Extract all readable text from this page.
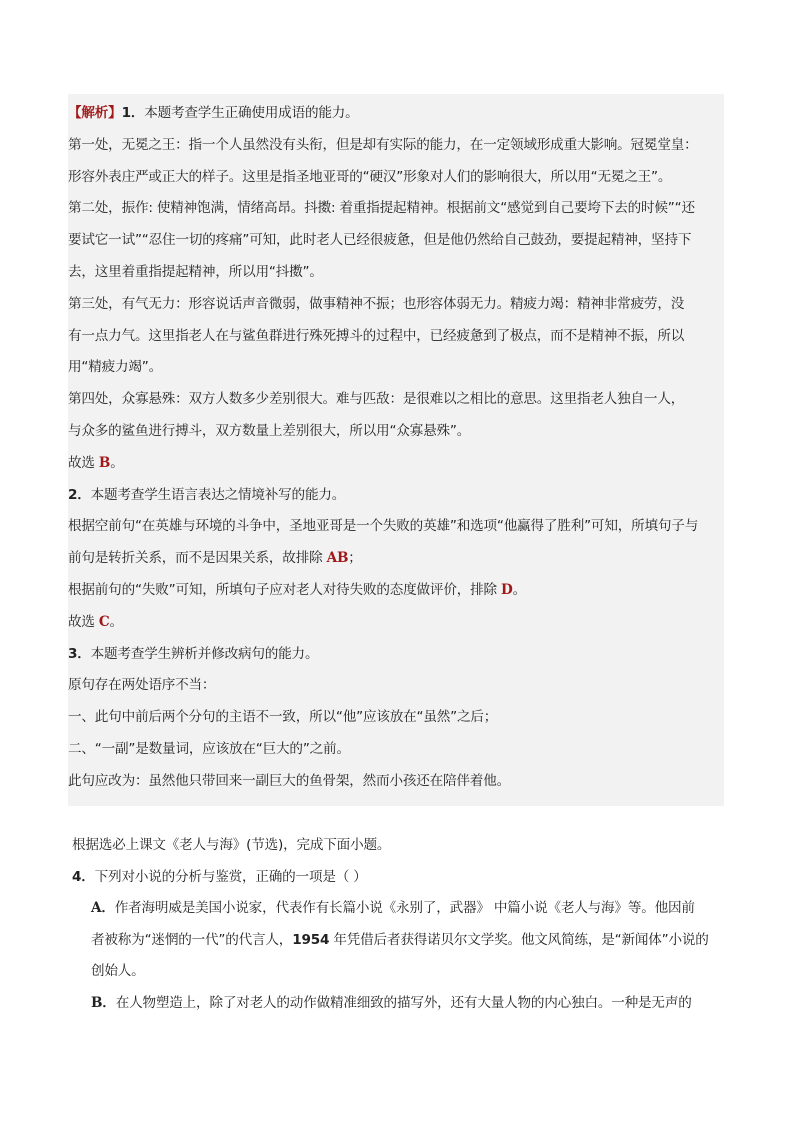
【解析】1．本题考查学生正确使用成语的能力。
第一处，无冕之王：指一个人虽然没有头衔，但是却有实际的能力，在一定领域形成重大影响。冠冕堂皇：
形容外表庄严或正大的样子。这里是指圣地亚哥的“硬汉”形象对人们的影响很大，所以用“无冕之王”。
第二处，振作: 使精神饱满，情绪高昂。抖擞: 着重指提起精神。根据前文“感觉到自己要垮下去的时候”“还
要试它一试”“忍住一切的疼痛”可知，此时老人已经很疲惫，但是他仍然给自己鼓劲，要提起精神，坚持下
去，这里着重指提起精神，所以用“抖擞”。
第三处，有气无力：形容说话声音微弱，做事精神不振；也形容体弱无力。精疲力竭：精神非常疲劳，没
有一点力气。这里指老人在与鲨鱼群进行殊死搏斗的过程中，已经疲惫到了极点，而不是精神不振，所以
用“精疲力竭”。
第四处，众寡悬殊：双方人数多少差别很大。难与匹敌：是很难以之相比的意思。这里指老人独自一人，
与众多的鲨鱼进行搏斗，双方数量上差别很大，所以用“众寡悬殊”。
故选 B。
2．本题考查学生语言表达之情境补写的能力。
根据空前句“在英雄与环境的斗争中，圣地亚哥是一个失败的英雄”和选项“他赢得了胜利”可知，所填句子与
前句是转折关系，而不是因果关系，故排除 AB；
根据前句的“失败”可知，所填句子应对老人对待失败的态度做评价，排除 D。
故选 C。
3．本题考查学生辨析并修改病句的能力。
原句存在两处语序不当：
一、此句中前后两个分句的主语不一致，所以“他”应该放在“虽然”之后；
二、“一副”是数量词，应该放在“巨大的”之前。
此句应改为：虽然他只带回来一副巨大的鱼骨架，然而小孩还在陪伴着他。
根据选必上课文《老人与海》(节选)，完成下面小题。
4．下列对小说的分析与鉴赏，正确的一项是（ ）
A．作者海明威是美国小说家，代表作有长篇小说《永别了，武器》 中篇小说《老人与海》等。他因前
者被称为“迷惘的一代”的代言人，1954 年凭借后者获得诺贝尔文学奖。他文风简练，是“新闻体”小说的
创始人。
B．在人物塑造上，除了对老人的动作做精准细致的描写外，还有大量人物的内心独白。一种是无声的
